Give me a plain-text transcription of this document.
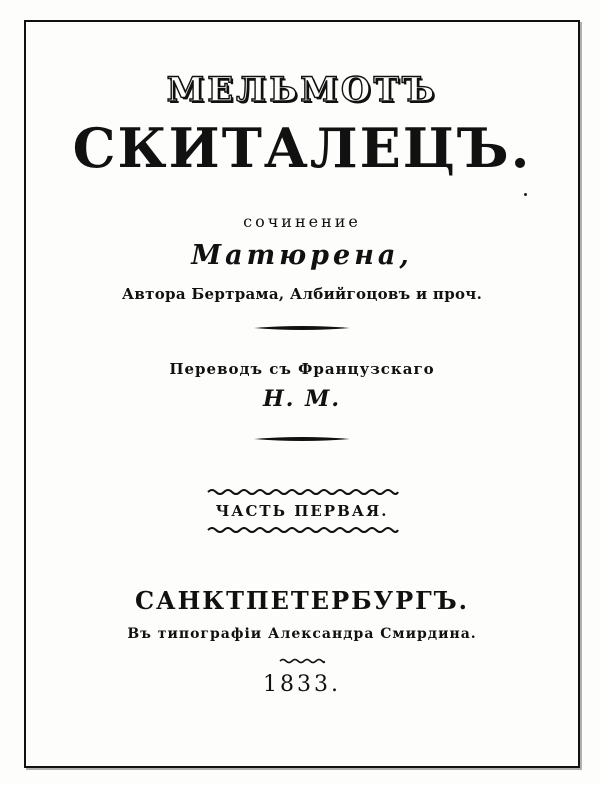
МЕЛЬМОТЪ
СКИТАЛЕЦЪ.
сочинение
Матюрена,
Автора Бертрама, Албийгоцовъ и проч.
Переводъ съ Французскаго
Н. М.
ЧАСТЬ ПЕРВАЯ.
САНКТПЕТЕРБУРГЪ.
Въ типографіи Александра Смирдина.
1833.
